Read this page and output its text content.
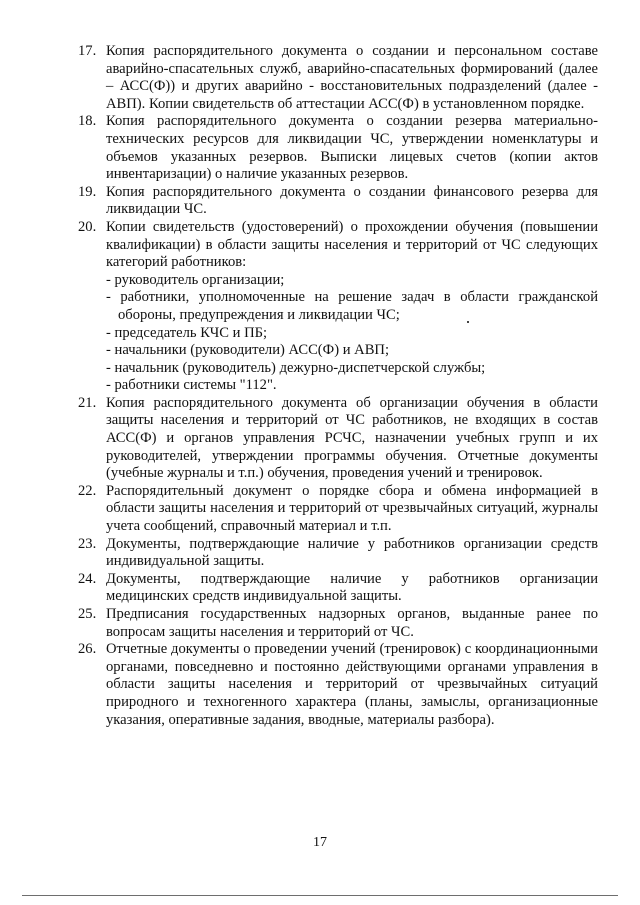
17. Копия распорядительного документа о создании и персональном составе аварийно-спасательных служб, аварийно-спасательных формирований (далее – АСС(Ф)) и других аварийно - восстановительных подразделений (далее - АВП). Копии свидетельств об аттестации АСС(Ф) в установленном порядке.
18. Копия распорядительного документа о создании резерва материально-технических ресурсов для ликвидации ЧС, утверждении номенклатуры и объемов указанных резервов. Выписки лицевых счетов (копии актов инвентаризации) о наличие указанных резервов.
19. Копия распорядительного документа о создании финансового резерва для ликвидации ЧС.
20. Копии свидетельств (удостоверений) о прохождении обучения (повышении квалификации) в области защиты населения и территорий от ЧС следующих категорий работников:
- руководитель организации;
- работники, уполномоченные на решение задач в области гражданской обороны, предупреждения и ликвидации ЧС;
- председатель КЧС и ПБ;
- начальники (руководители) АСС(Ф) и АВП;
- начальник (руководитель) дежурно-диспетчерской службы;
- работники системы "112".
21. Копия распорядительного документа об организации обучения в области защиты населения и территорий от ЧС работников, не входящих в состав АСС(Ф) и органов управления РСЧС, назначении учебных групп и их руководителей, утверждении программы обучения. Отчетные документы (учебные журналы и т.п.) обучения, проведения учений и тренировок.
22. Распорядительный документ о порядке сбора и обмена информацией в области защиты населения и территорий от чрезвычайных ситуаций, журналы учета сообщений, справочный материал и т.п.
23. Документы, подтверждающие наличие у работников организации средств индивидуальной защиты.
24. Документы, подтверждающие наличие у работников организации медицинских средств индивидуальной защиты.
25. Предписания государственных надзорных органов, выданные ранее по вопросам защиты населения и территорий от ЧС.
26. Отчетные документы о проведении учений (тренировок) с координационными органами, повседневно и постоянно действующими органами управления в области защиты населения и территорий от чрезвычайных ситуаций природного и техногенного характера (планы, замыслы, организационные указания, оперативные задания, вводные, материалы разбора).
17
